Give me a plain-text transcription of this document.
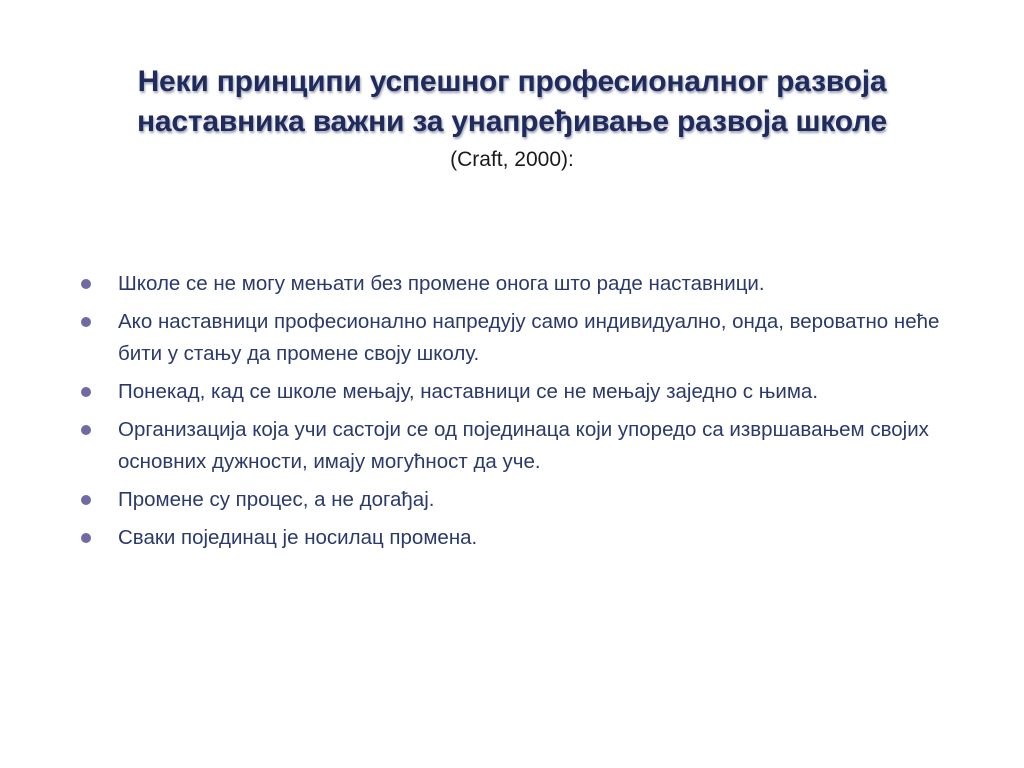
Неки принципи успешног професионалног развоја
наставника важни за унапређивање развоја школе
(Craft, 2000):
Школе се не могу мењати без промене онога што раде наставници.
Ако наставници професионално напредују само индивидуално, онда, вероватно неће бити у стању да промене своју школу.
Понекад, кад се школе мењају, наставници се не мењају заједно с њима.
Организација која учи састоји се од појединаца који упоредо са извршавањем својих основних дужности, имају могућност да уче.
Промене су процес, а не догађај.
Сваки појединац је носилац промена.
